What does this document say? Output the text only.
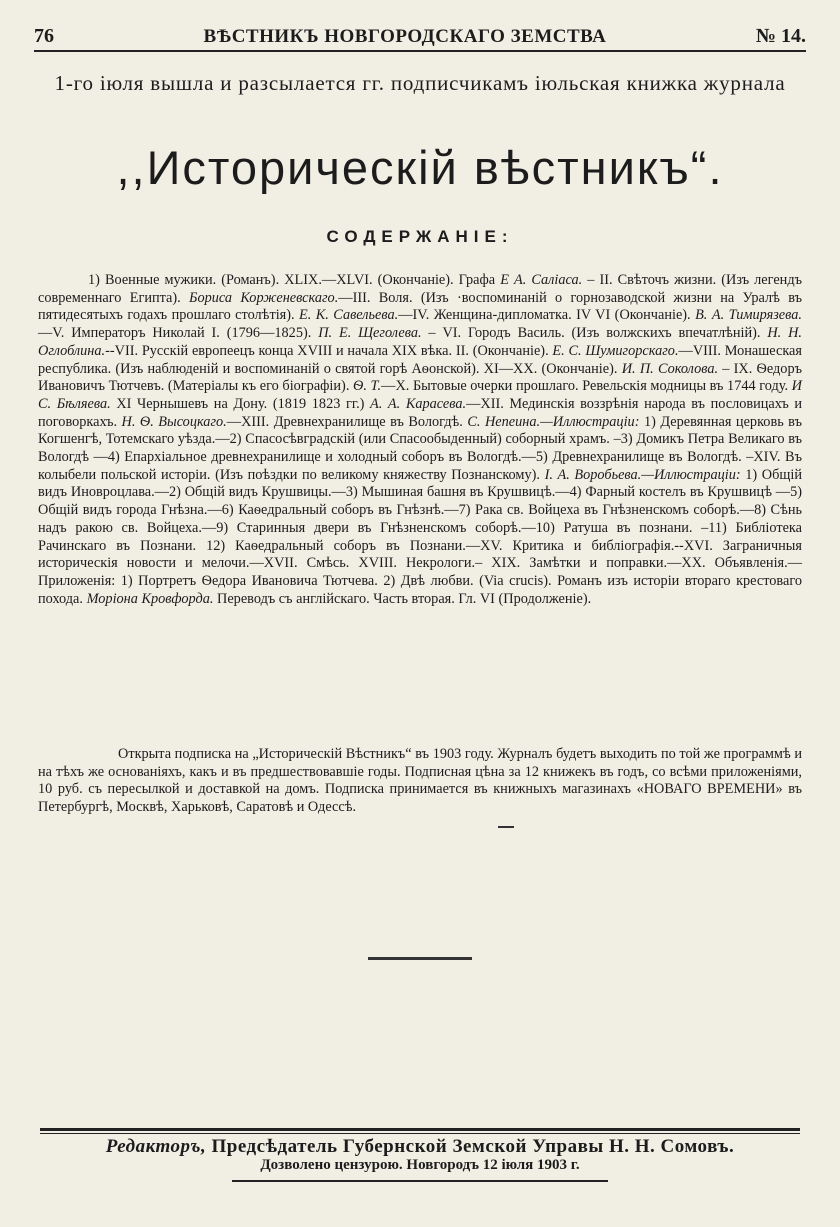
76	ВѢСТНИКЪ НОВГОРОДСКАГО ЗЕМСТВА	№ 14.
1-го іюля вышла и разсылается гг. подписчикамъ іюльская книжка журнала
,,Историческій вѣстникъ“.
СОДЕРЖАНІЕ:

1) Военные мужики. (Романъ). XLIX.—XLVI. (Окончаніе). Графа Е А. Саліаса. – II. Свѣточъ жизни. (Изъ легендъ современнаго Египта). Бориса Корженевскаго.—III. Воля. (Изъ ·воспоминаній о горнозаводской жизни на Уралѣ въ пятидесятыхъ годахъ прошлаго столѣтія). Е. К. Савельева.—IV. Женщина-дипломатка. IV VI (Окончаніе). В. А. Тимирязева.—V. Императоръ Николай I. (1796—1825). П. Е. Щеголева. – VI. Городъ Василь. (Изъ волжскихъ впечатлѣній). Н. Н. Оглоблина.--VII. Русскій европеецъ конца XVIII и начала XIX вѣка. II. (Окончаніе). Е. С. Шумигорскаго.—VIII. Монашеская республика. (Изъ наблюденій и воспоминаній о святой горѣ Аѳонской). XI—XX. (Окончаніе). И. П. Соколова. – IX. Ѳедоръ Ивановичъ Тютчевъ. (Матеріалы къ его біографіи). Ѳ. Т.—X. Бытовые очерки прошлаго. Ревельскія модницы въ 1744 году. И С. Бѣляева. XI Чернышевъ на Дону. (1819 1823 гг.) А. А. Карасева.—XII. Мединскія воззрѣнія народа въ пословицахъ и поговоркахъ. Н. Ѳ. Высоцкаго.—XIII. Древнехранилище въ Вологдѣ. С. Непеина.—Иллюстраціи: 1) Деревянная церковь въ Когшенгѣ, Тотемскаго уѣзда.—2) Спасосѣвградскій (или Спасообыденный) соборный храмъ. –3) Домикъ Петра Великаго въ Вологдѣ —4) Епархіальное древнехранилище и холодный соборъ въ Вологдѣ.—5) Древнехранилище въ Вологдѣ. –XIV. Въ колыбели польской исторіи. (Изъ поѣздки по великому княжеству Познанскому). I. А. Воробьева.—Иллюстраціи: 1) Общій видъ Иноврoцлава.—2) Общій видъ Крушвицы.—3) Мышиная башня въ Крушвицѣ.—4) Фарный костелъ въ Крушвицѣ —5) Общій видъ города Гнѣзна.—6) Каѳедральный соборъ въ Гнѣзнѣ.—7) Рака св. Войцеха въ Гнѣзненскомъ соборѣ.—8) Сѣнь надъ ракою св. Войцеха.—9) Старинныя двери въ Гнѣзненскомъ соборѣ.—10) Ратуша въ познани. –11) Библіотека Рачинскаго въ Познани. 12) Каѳедральный соборъ въ Познани.—XV. Критика и библіографія.--XVI. Заграничныя историческія новости и мелочи.—XVII. Смѣсь. XVIII. Некрологи.– XIX. Замѣтки и поправки.—XX. Объявленія.—Приложенія: 1) Портретъ Ѳедора Ивановича Тютчева. 2) Двѣ любви. (Via crucis). Романъ изъ исторіи втораго крестоваго похода. Моріона Кровфорда. Переводъ съ англійскаго. Часть вторая. Гл. VI (Продолженіе).

Открыта подписка на „Историческій Вѣстникъ“ въ 1903 году. Журналъ будетъ выходить по той же программѣ и на тѣхъ же основаніяхъ, какъ и въ предшествовавшіе годы. Подписная цѣна за 12 книжекъ въ годъ, со всѣми приложеніями, 10 руб. съ пересылкой и доставкой на домъ. Подписка принимается въ книжныхъ магазинахъ «НОВАГО ВРЕМЕНИ» въ Петербургѣ, Москвѣ, Харьковѣ, Саратовѣ и Одессѣ.

Редакторъ, Предсѣдатель Губернской Земской Управы Н. Н. Сомовъ.
Дозволено цензурою. Новгородъ 12 іюля 1903 г.
